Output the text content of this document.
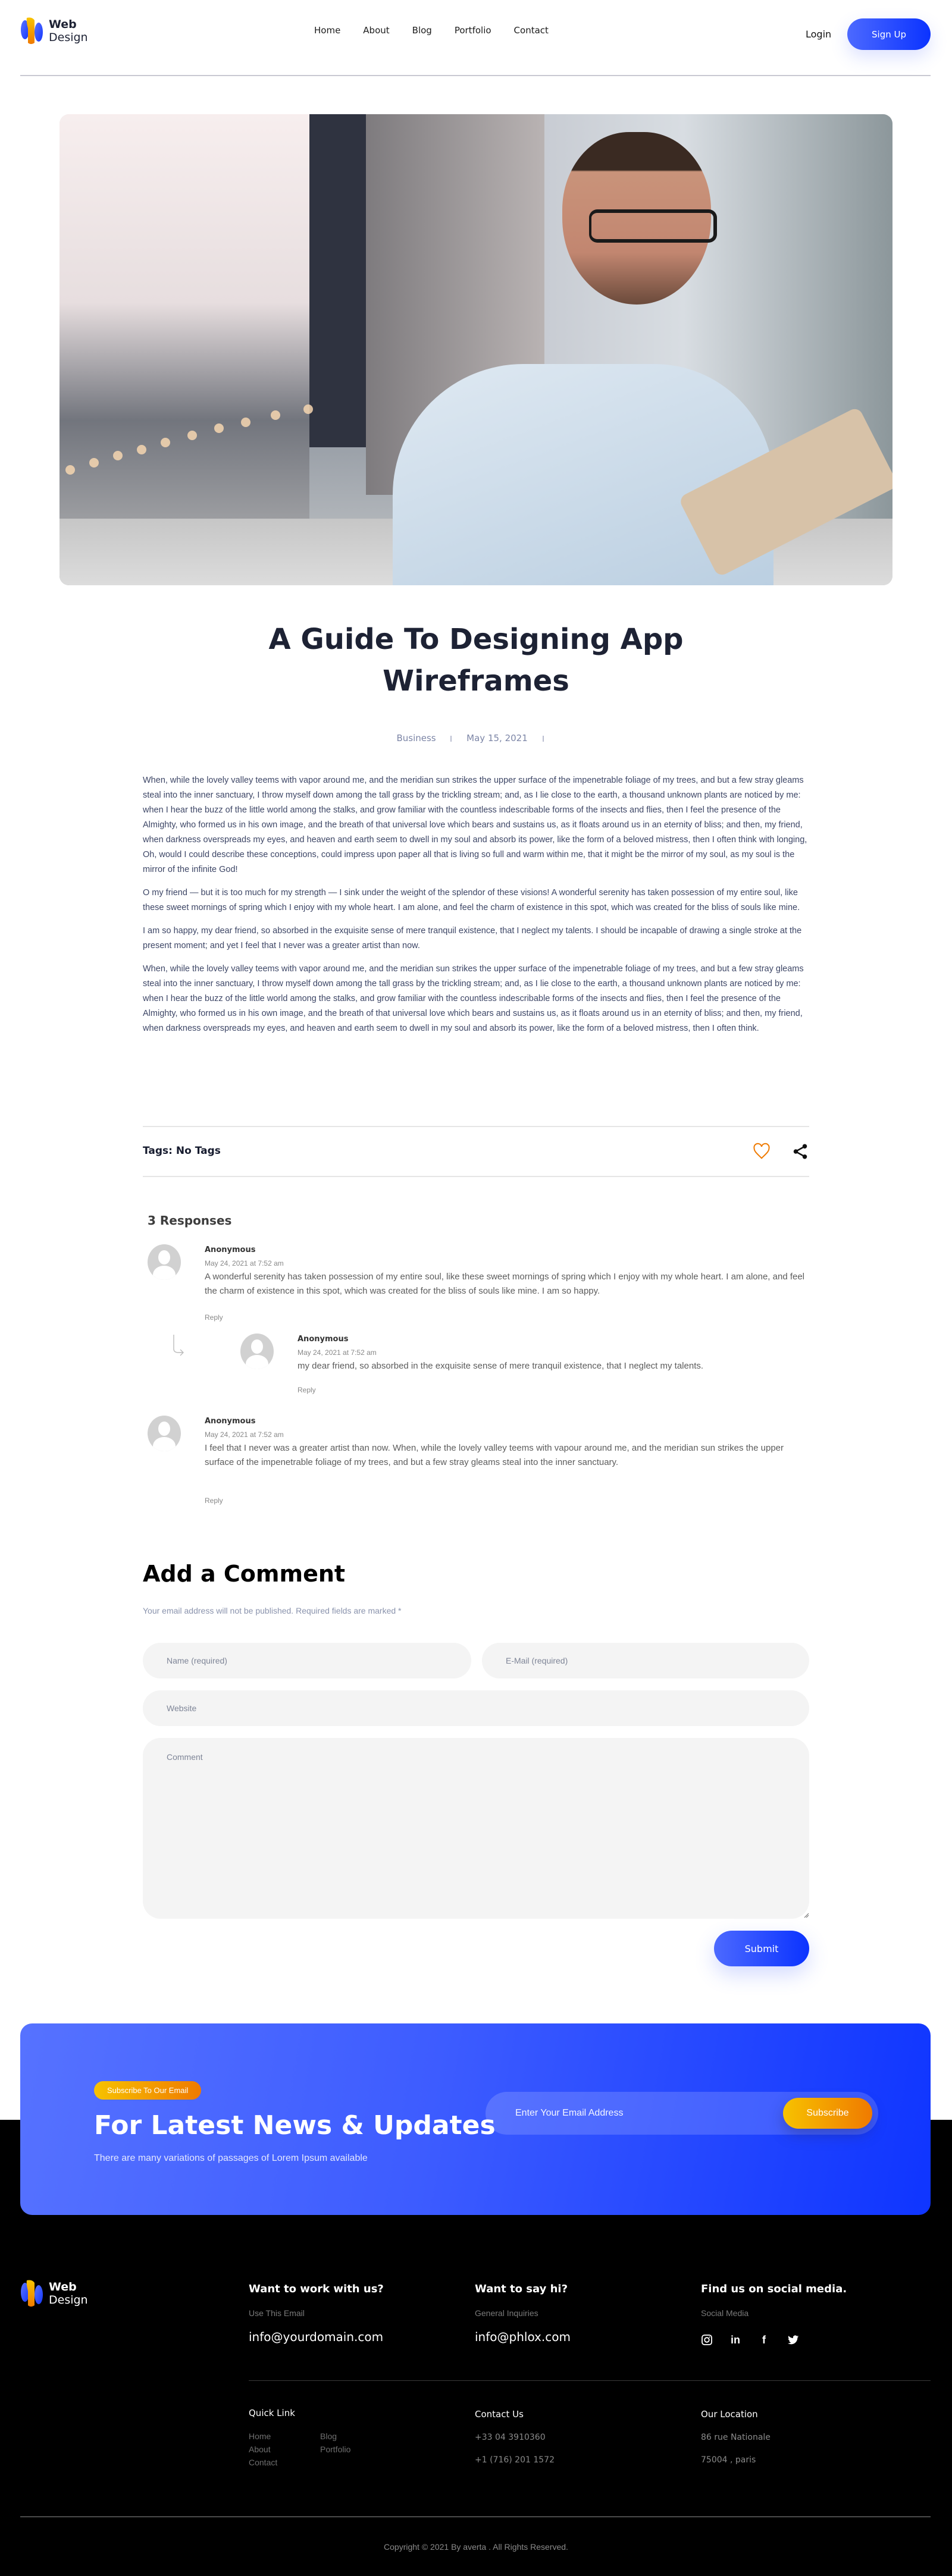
Web
Design
Home	About	Blog	Portfolio	Contact	Login	Sign Up
A Guide To Designing App Wireframes
Business	May 15, 2021

When, while the lovely valley teems with vapor around me, and the meridian sun strikes the upper surface of the impenetrable foliage of my trees, and but a few stray gleams steal into the inner sanctuary, I throw myself down among the tall grass by the trickling stream; and, as I lie close to the earth, a thousand unknown plants are noticed by me: when I hear the buzz of the little world among the stalks, and grow familiar with the countless indescribable forms of the insects and flies, then I feel the presence of the Almighty, who formed us in his own image, and the breath of that universal love which bears and sustains us, as it floats around us in an eternity of bliss; and then, my friend, when darkness overspreads my eyes, and heaven and earth seem to dwell in my soul and absorb its power, like the form of a beloved mistress, then I often think with longing, Oh, would I could describe these conceptions, could impress upon paper all that is living so full and warm within me, that it might be the mirror of my soul, as my soul is the mirror of the infinite God!

O my friend — but it is too much for my strength — I sink under the weight of the splendor of these visions! A wonderful serenity has taken possession of my entire soul, like these sweet mornings of spring which I enjoy with my whole heart. I am alone, and feel the charm of existence in this spot, which was created for the bliss of souls like mine.

I am so happy, my dear friend, so absorbed in the exquisite sense of mere tranquil existence, that I neglect my talents. I should be incapable of drawing a single stroke at the present moment; and yet I feel that I never was a greater artist than now.

When, while the lovely valley teems with vapor around me, and the meridian sun strikes the upper surface of the impenetrable foliage of my trees, and but a few stray gleams steal into the inner sanctuary, I throw myself down among the tall grass by the trickling stream; and, as I lie close to the earth, a thousand unknown plants are noticed by me: when I hear the buzz of the little world among the stalks, and grow familiar with the countless indescribable forms of the insects and flies, then I feel the presence of the Almighty, who formed us in his own image, and the breath of that universal love which bears and sustains us, as it floats around us in an eternity of bliss; and then, my friend, when darkness overspreads my eyes, and heaven and earth seem to dwell in my soul and absorb its power, like the form of a beloved mistress, then I often think.

Tags: No Tags
3 Responses
Anonymous
May 24, 2021 at 7:52 am
A wonderful serenity has taken possession of my entire soul, like these sweet mornings of spring which I enjoy with my whole heart. I am alone, and feel the charm of existence in this spot, which was created for the bliss of souls like mine. I am so happy.
Reply
Anonymous
May 24, 2021 at 7:52 am
my dear friend, so absorbed in the exquisite sense of mere tranquil existence, that I neglect my talents.
Reply
Anonymous
May 24, 2021 at 7:52 am
I feel that I never was a greater artist than now. When, while the lovely valley teems with vapour around me, and the meridian sun strikes the upper surface of the impenetrable foliage of my trees, and but a few stray gleams steal into the inner sanctuary.
Reply
Add a Comment

Your email address will not be published. Required fields are marked *

Name (required)
E-Mail (required)
Website
Comment
Submit
Subscribe To Our Email
For Latest News & Updates

There are many variations of passages of Lorem Ipsum available

Enter Your Email Address
Subscribe
Web
Design
Want to work with us?
Use This Email
info@yourdomain.com
Want to say hi?
General Inquiries
info@phlox.com
Find us on social media.
Social Media
in	f
Quick Link
Home	Blog
About	Portfolio
Contact
Contact Us
+33 04 3910360
+1 (716) 201 1572
Our Location
86 rue Nationale
75004 , paris
Copyright © 2021 By averta . All Rights Reserved.
